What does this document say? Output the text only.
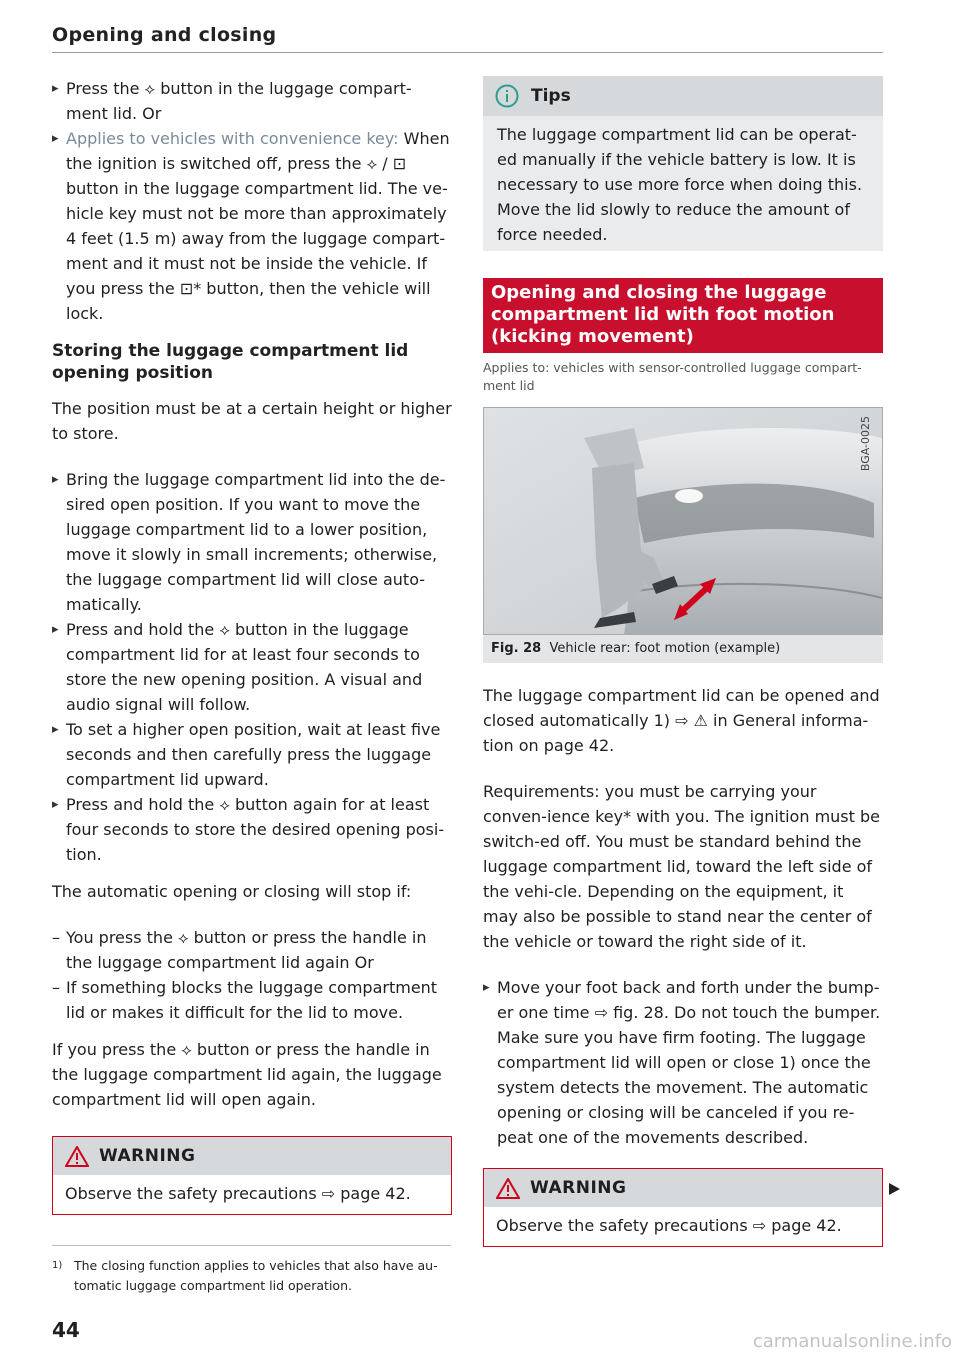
Opening and closing

▸ Press the ⟡ button in the luggage compart-ment lid. Or

▸ Applies to vehicles with convenience key: When the ignition is switched off, press the ⟡ / ⊡ button in the luggage compartment lid. The ve-hicle key must not be more than approximately 4 feet (1.5 m) away from the luggage compart-ment and it must not be inside the vehicle. If you press the ⊡* button, then the vehicle will lock.

Storing the luggage compartment lid opening position

The position must be at a certain height or higher to store.

▸ Bring the luggage compartment lid into the de-sired open position. If you want to move the luggage compartment lid to a lower position, move it slowly in small increments; otherwise, the luggage compartment lid will close auto-matically.

▸ Press and hold the ⟡ button in the luggage compartment lid for at least four seconds to store the new opening position. A visual and audio signal will follow.

▸ To set a higher open position, wait at least five seconds and then carefully press the luggage compartment lid upward.

▸ Press and hold the ⟡ button again for at least four seconds to store the desired opening posi-tion.

The automatic opening or closing will stop if:

– You press the ⟡ button or press the handle in the luggage compartment lid again Or

– If something blocks the luggage compartment lid or makes it difficult for the lid to move.

If you press the ⟡ button or press the handle in the luggage compartment lid again, the luggage compartment lid will open again.

WARNING
Observe the safety precautions ⇨ page 42.
Tips
The luggage compartment lid can be operat-ed manually if the vehicle battery is low. It is necessary to use more force when doing this. Move the lid slowly to reduce the amount of force needed.
Opening and closing the luggage compartment lid with foot motion (kicking movement)
Applies to: vehicles with sensor-controlled luggage compart-ment lid
BGA-0025
Fig. 28 Vehicle rear: foot motion (example)

The luggage compartment lid can be opened and closed automatically 1) ⇨ ⚠ in General informa-tion on page 42.

Requirements: you must be carrying your conven-ience key* with you. The ignition must be switch-ed off. You must be standard behind the luggage compartment lid, toward the left side of the vehi-cle. Depending on the equipment, it may also be possible to stand near the center of the vehicle or toward the right side of it.

▸ Move your foot back and forth under the bump-er one time ⇨ fig. 28. Do not touch the bumper. Make sure you have firm footing. The luggage compartment lid will open or close 1) once the system detects the movement. The automatic opening or closing will be canceled if you re-peat one of the movements described.

WARNING
Observe the safety precautions ⇨ page 42.
1) The closing function applies to vehicles that also have au-tomatic luggage compartment lid operation.
44	carmanualsonline.info
